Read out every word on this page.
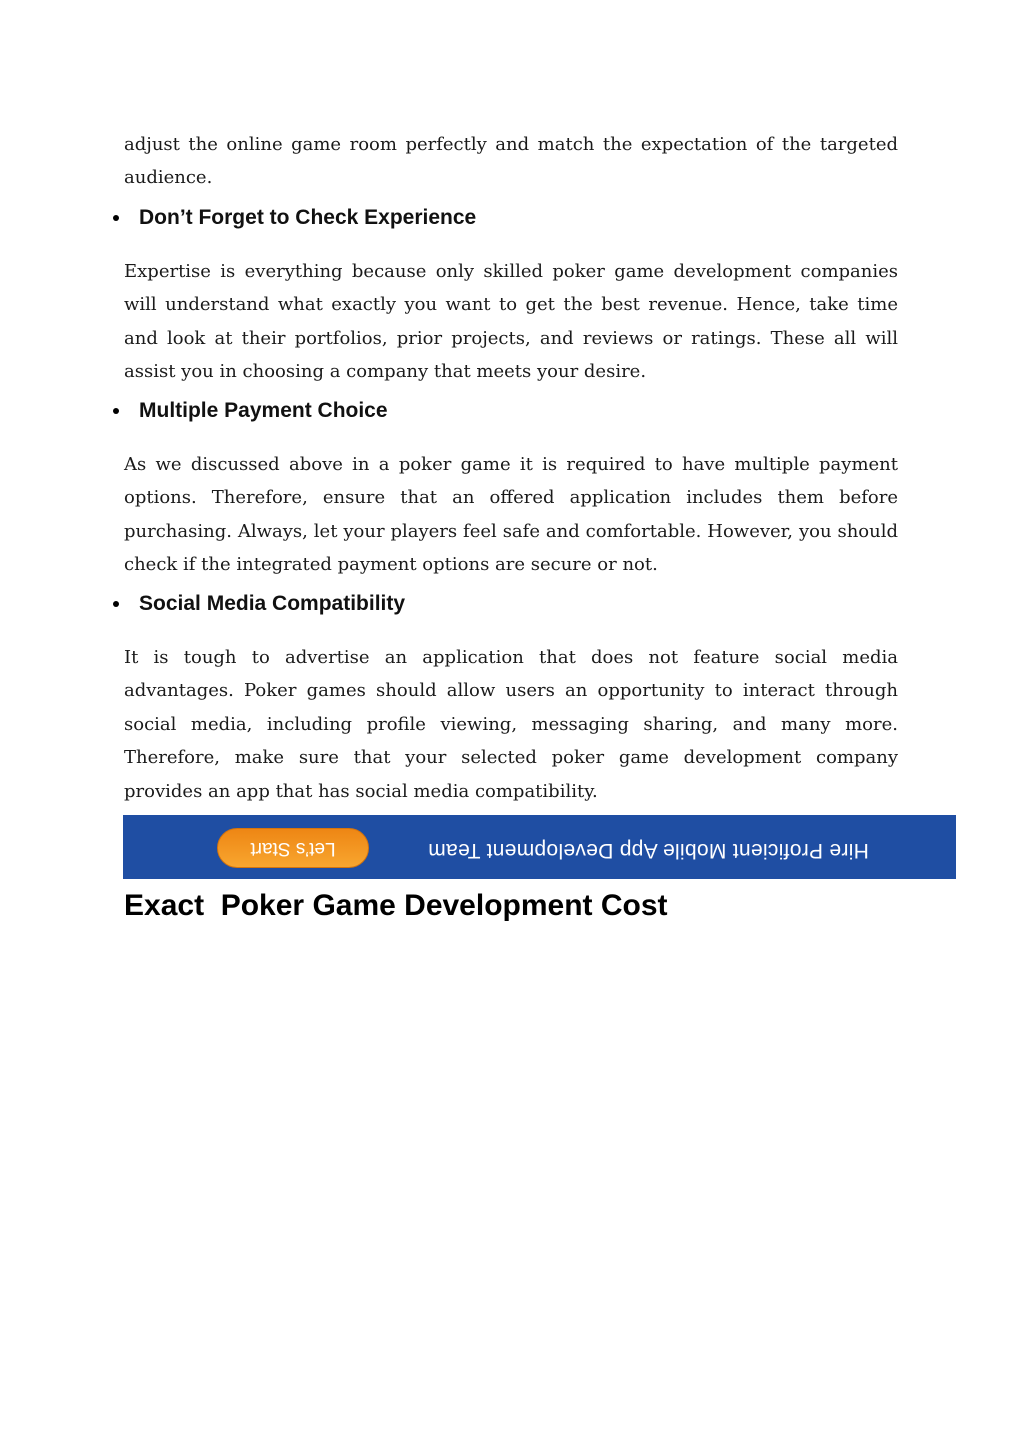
adjust the online game room perfectly and match the expectation of the targeted audience.

Don’t Forget to Check Experience

Expertise is everything because only skilled poker game development companies will understand what exactly you want to get the best revenue. Hence, take time and look at their portfolios, prior projects, and reviews or ratings. These all will assist you in choosing a company that meets your desire.

Multiple Payment Choice

As we discussed above in a poker game it is required to have multiple payment options. Therefore, ensure that an offered application includes them before purchasing. Always, let your players feel safe and comfortable. However, you should check if the integrated payment options are secure or not.

Social Media Compatibility

It is tough to advertise an application that does not feature social media advantages. Poker games should allow users an opportunity to interact through social media, including profile viewing, messaging sharing, and many more. Therefore, make sure that your selected poker game development company provides an app that has social media compatibility.

Hire Proficient Mobile App Development Team
Let’s Start
Exact  Poker Game Development Cost
